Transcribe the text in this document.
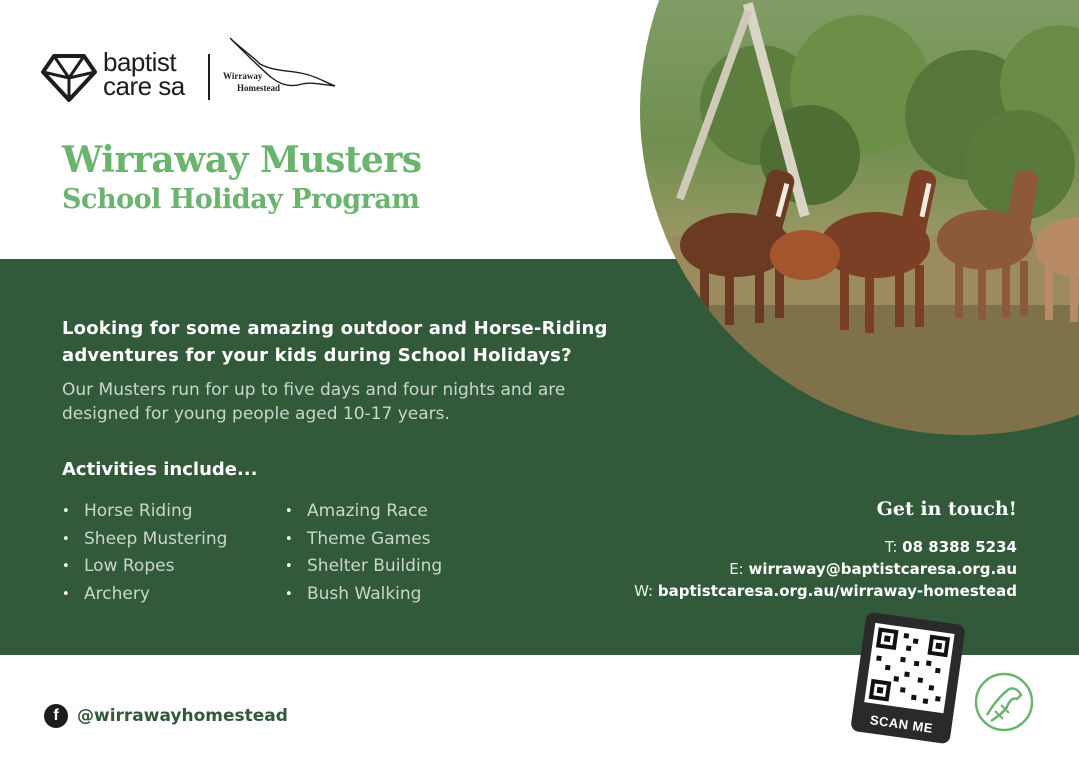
baptist
care sa	Wirraway
Homestead
Wirraway Musters
School Holiday Program

Looking for some amazing outdoor and Horse-Riding adventures for your kids during School Holidays?

Our Musters run for up to five days and four nights and are designed for young people aged 10-17 years.

Activities include...
• Horse Riding
• Sheep Mustering
• Low Ropes
• Archery
• Amazing Race
• Theme Games
• Shelter Building
• Bush Walking

Get in touch!

T: 08 8388 5234
E: wirraway@baptistcaresa.org.au
W: baptistcaresa.org.au/wirraway-homestead
SCAN ME
f	@wirrawayhomestead
